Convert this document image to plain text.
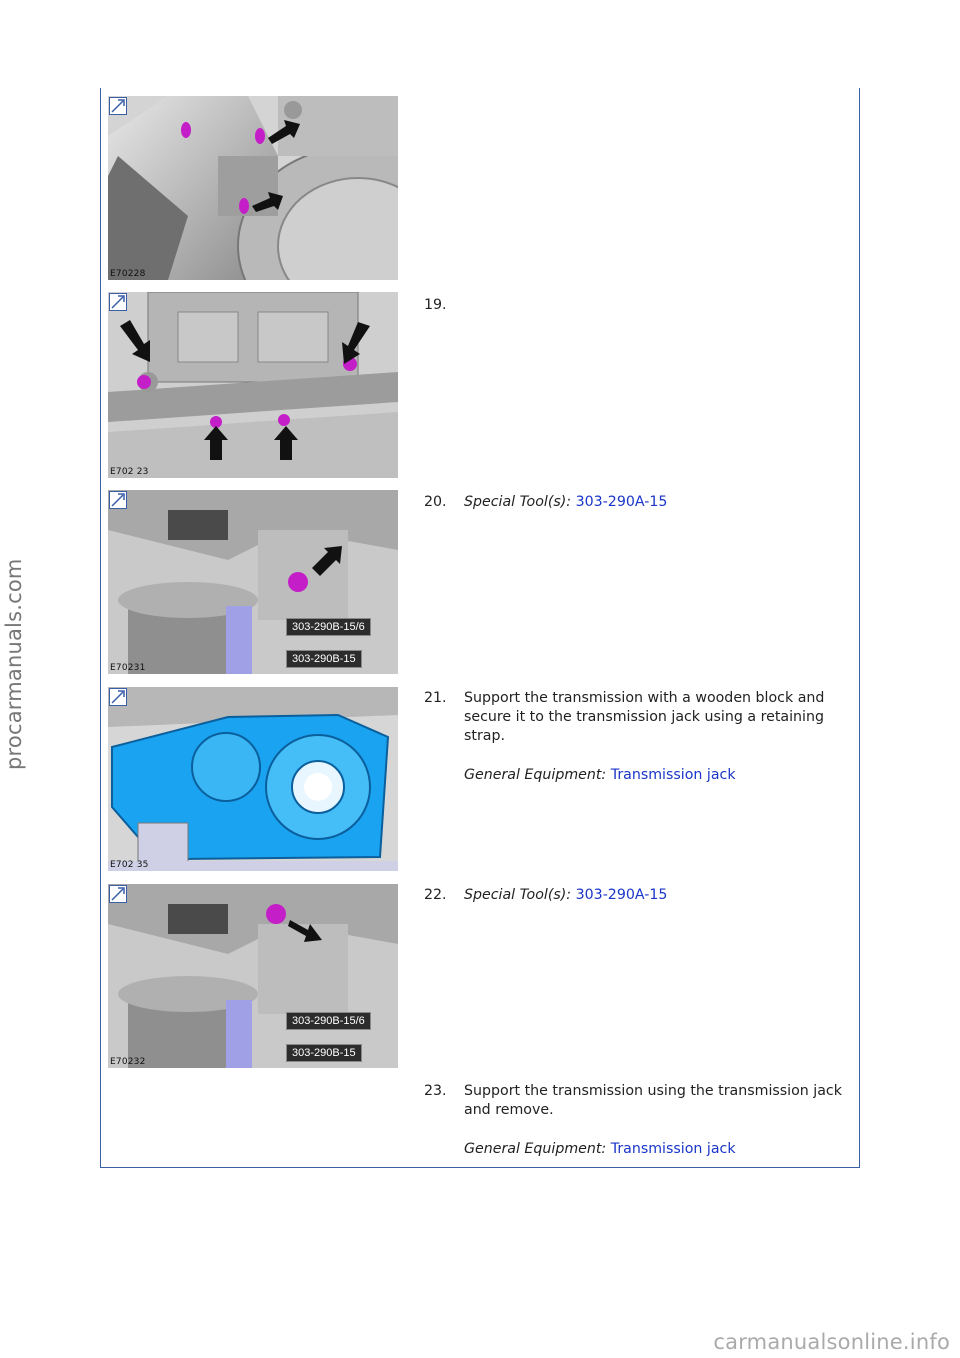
E70228
E702 23
303-290B-15/6
303-290B-15
E70231
E702 35
303-290B-15/6
303-290B-15
E70232
19.
20.	Special Tool(s): 303-290A-15
21.	Support the transmission with a wooden block and secure it to the transmission jack using a retaining strap.
General Equipment: Transmission jack
22.	Special Tool(s): 303-290A-15
23.	Support the transmission using the transmission jack and remove.
General Equipment: Transmission jack
procarmanuals.com
carmanualsonline.info
